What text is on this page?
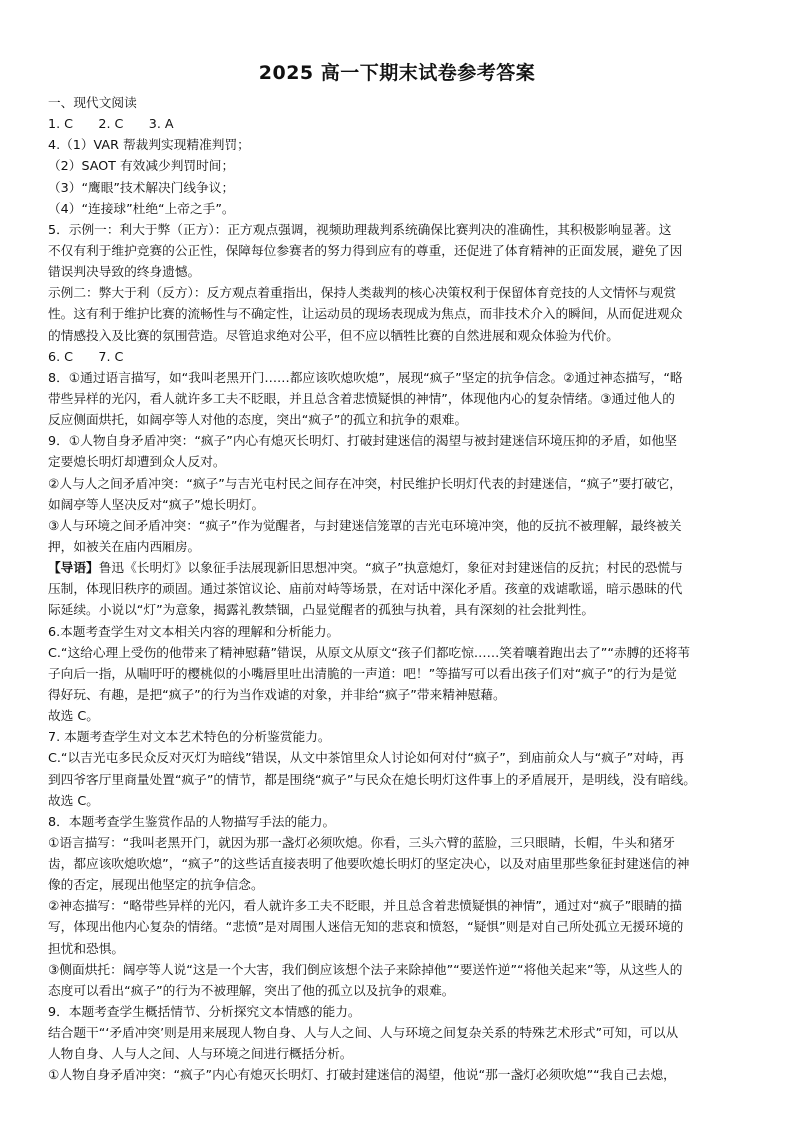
2025 高一下期末试卷参考答案
一、现代文阅读
1. C　　2. C　　3. A
4.（1）VAR 帮裁判实现精准判罚；
（2）SAOT 有效减少判罚时间；
（3）“鹰眼”技术解决门线争议；
（4）“连接球”杜绝“上帝之手”。
5．示例一：利大于弊（正方）：正方观点强调，视频助理裁判系统确保比赛判决的准确性，其积极影响显著。这
不仅有利于维护竞赛的公正性，保障每位参赛者的努力得到应有的尊重，还促进了体育精神的正面发展，避免了因
错误判决导致的终身遗憾。
示例二：弊大于利（反方）：反方观点着重指出，保持人类裁判的核心决策权利于保留体育竞技的人文情怀与观赏
性。这有利于维护比赛的流畅性与不确定性，让运动员的现场表现成为焦点，而非技术介入的瞬间，从而促进观众
的情感投入及比赛的氛围营造。尽管追求绝对公平，但不应以牺牲比赛的自然进展和观众体验为代价。
6. C　　7. C
8．①通过语言描写，如“我叫老黑开门……都应该吹熄吹熄”，展现“疯子”坚定的抗争信念。②通过神态描写，“略
带些异样的光闪，看人就许多工夫不眨眼，并且总含着悲愤疑惧的神情”，体现他内心的复杂情绪。③通过他人的
反应侧面烘托，如阔亭等人对他的态度，突出“疯子”的孤立和抗争的艰难。
9．①人物自身矛盾冲突：“疯子”内心有熄灭长明灯、打破封建迷信的渴望与被封建迷信环境压抑的矛盾，如他坚
定要熄长明灯却遭到众人反对。
②人与人之间矛盾冲突：“疯子”与吉光屯村民之间存在冲突，村民维护长明灯代表的封建迷信，“疯子”要打破它，
如阔亭等人坚决反对“疯子”熄长明灯。
③人与环境之间矛盾冲突：“疯子”作为觉醒者，与封建迷信笼罩的吉光屯环境冲突，他的反抗不被理解，最终被关
押，如被关在庙内西厢房。
【导语】鲁迅《长明灯》以象征手法展现新旧思想冲突。“疯子”执意熄灯，象征对封建迷信的反抗；村民的恐慌与
压制，体现旧秩序的顽固。通过茶馆议论、庙前对峙等场景，在对话中深化矛盾。孩童的戏谑歌谣，暗示愚昧的代
际延续。小说以“灯”为意象，揭露礼教禁锢，凸显觉醒者的孤独与执着，具有深刻的社会批判性。
6.本题考查学生对文本相关内容的理解和分析能力。
C.“这给心理上受伤的他带来了精神慰藉”错误，从原文从原文“孩子们都吃惊……笑着嚷着跑出去了”“赤膊的还将苇
子向后一指，从喘吁吁的樱桃似的小嘴唇里吐出清脆的一声道：吧！”等描写可以看出孩子们对“疯子”的行为是觉
得好玩、有趣，是把“疯子”的行为当作戏谑的对象，并非给“疯子”带来精神慰藉。
故选 C。
7. 本题考查学生对文本艺术特色的分析鉴赏能力。
C.“以吉光屯多民众反对灭灯为暗线”错误，从文中茶馆里众人讨论如何对付“疯子”，到庙前众人与“疯子”对峙，再
到四爷客厅里商量处置“疯子”的情节，都是围绕“疯子”与民众在熄长明灯这件事上的矛盾展开，是明线，没有暗线。
故选 C。
8．本题考查学生鉴赏作品的人物描写手法的能力。
①语言描写：“我叫老黑开门，就因为那一盏灯必须吹熄。你看，三头六臂的蓝脸，三只眼睛，长帽，牛头和猪牙
齿，都应该吹熄吹熄”，“疯子”的这些话直接表明了他要吹熄长明灯的坚定决心，以及对庙里那些象征封建迷信的神
像的否定，展现出他坚定的抗争信念。
②神态描写：“略带些异样的光闪，看人就许多工夫不眨眼，并且总含着悲愤疑惧的神情”，通过对“疯子”眼睛的描
写，体现出他内心复杂的情绪。“悲愤”是对周围人迷信无知的悲哀和愤怒，“疑惧”则是对自己所处孤立无援环境的
担忧和恐惧。
③侧面烘托：阔亭等人说“这是一个大害，我们倒应该想个法子来除掉他”“要送忤逆”“将他关起来”等，从这些人的
态度可以看出“疯子”的行为不被理解，突出了他的孤立以及抗争的艰难。
9．本题考查学生概括情节、分析探究文本情感的能力。
结合题干“‘矛盾冲突’则是用来展现人物自身、人与人之间、人与环境之间复杂关系的特殊艺术形式”可知，可以从
人物自身、人与人之间、人与环境之间进行概括分析。
①人物自身矛盾冲突：“疯子”内心有熄灭长明灯、打破封建迷信的渴望，他说“那一盏灯必须吹熄”“我自己去熄，
